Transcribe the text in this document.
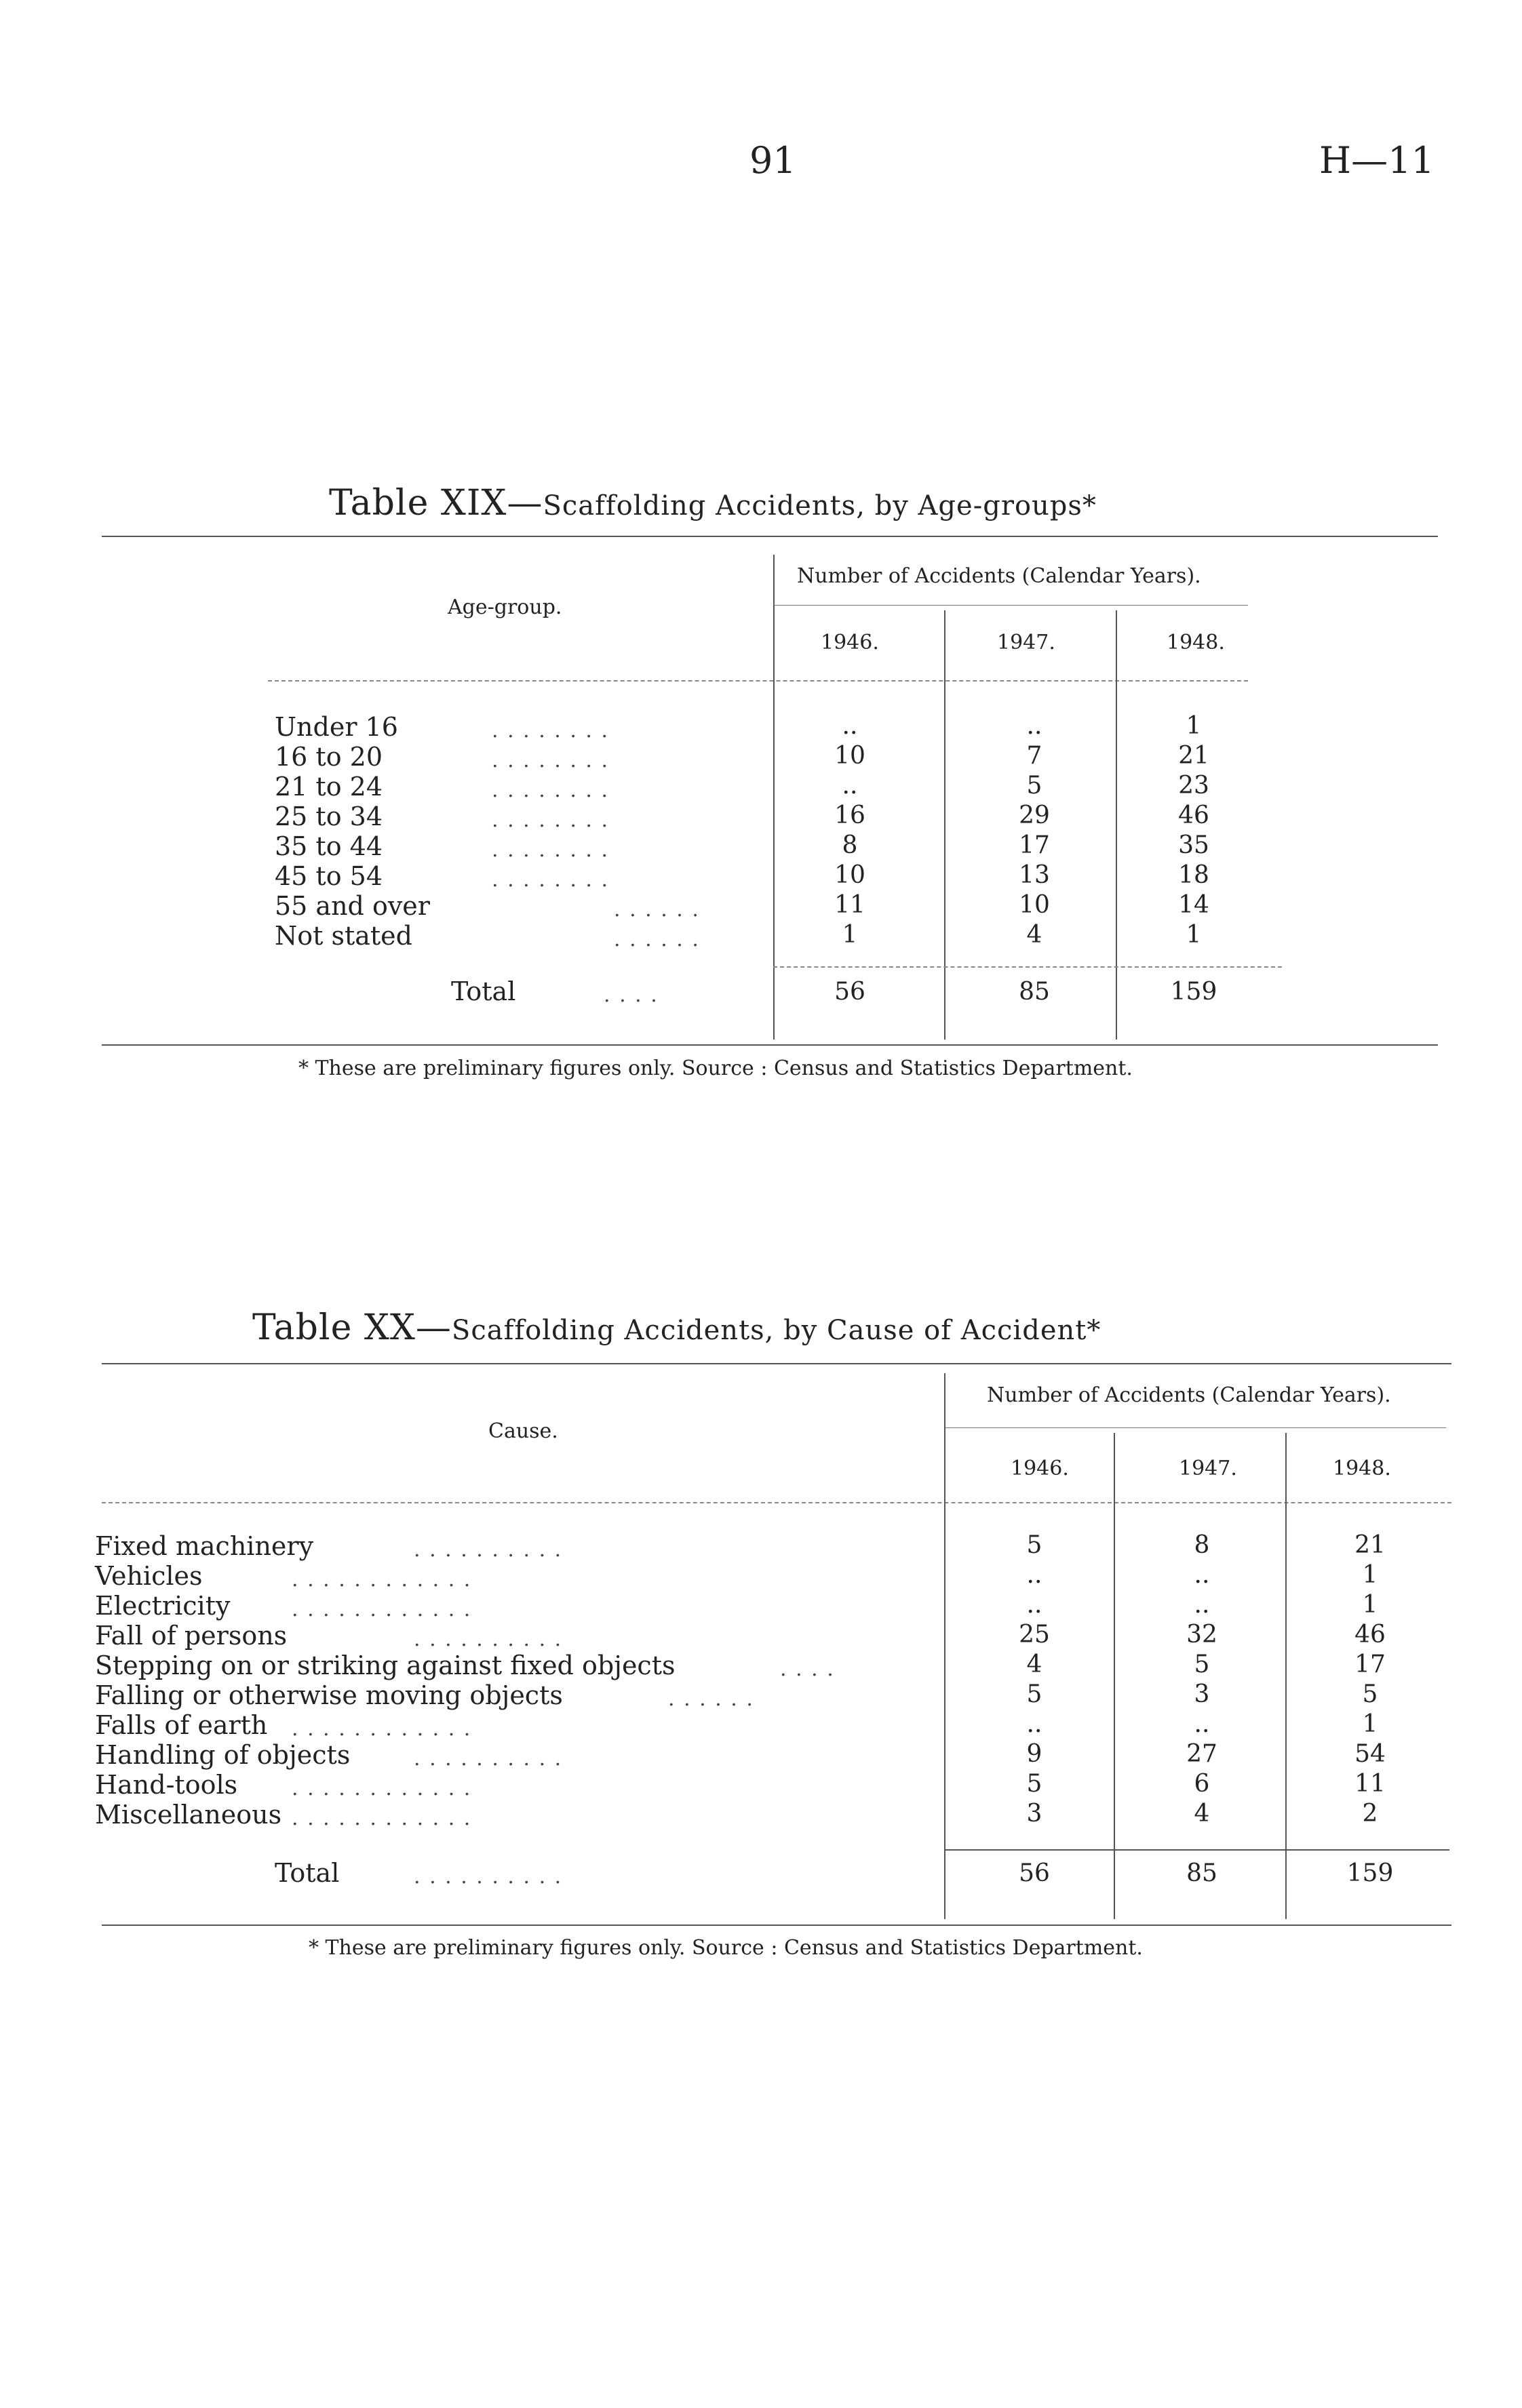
91	H—11
Table XIX—Scaffolding Accidents, by Age-groups*
Age-group.
Number of Accidents (Calendar Years).
1946.	1947.	1948.
Under 16	. . . . . . . .	..	..	1
16 to 20	. . . . . . . .	10	7	21
21 to 24	. . . . . . . .	..	5	23
25 to 34	. . . . . . . .	16	29	46
35 to 44	. . . . . . . .	8	17	35
45 to 54	. . . . . . . .	10	13	18
55 and over	. . . . . .	11	10	14
Not stated	. . . . . .	1	4	1
Total	. . . .	56	85	159
* These are preliminary figures only. Source : Census and Statistics Department.
Table XX—Scaffolding Accidents, by Cause of Accident*
Cause.
Number of Accidents (Calendar Years).
1946.	1947.	1948.
Fixed machinery	. . . . . . . . . .	5	8	21
Vehicles	. . . . . . . . . . . .	..	..	1
Electricity	. . . . . . . . . . . .	..	..	1
Fall of persons	. . . . . . . . . .	25	32	46
Stepping on or striking against fixed objects	. . . .	4	5	17
Falling or otherwise moving objects	. . . . . .	5	3	5
Falls of earth . . . . . . . . . . . .	..	..	1
Handling of objects	. . . . . . . . . .	9	27	54
Hand-tools	. . . . . . . . . . . .	5	6	11
Miscellaneous . . . . . . . . . . . .	3	4	2
Total	. . . . . . . . . .	56	85	159
* These are preliminary figures only. Source : Census and Statistics Department.
